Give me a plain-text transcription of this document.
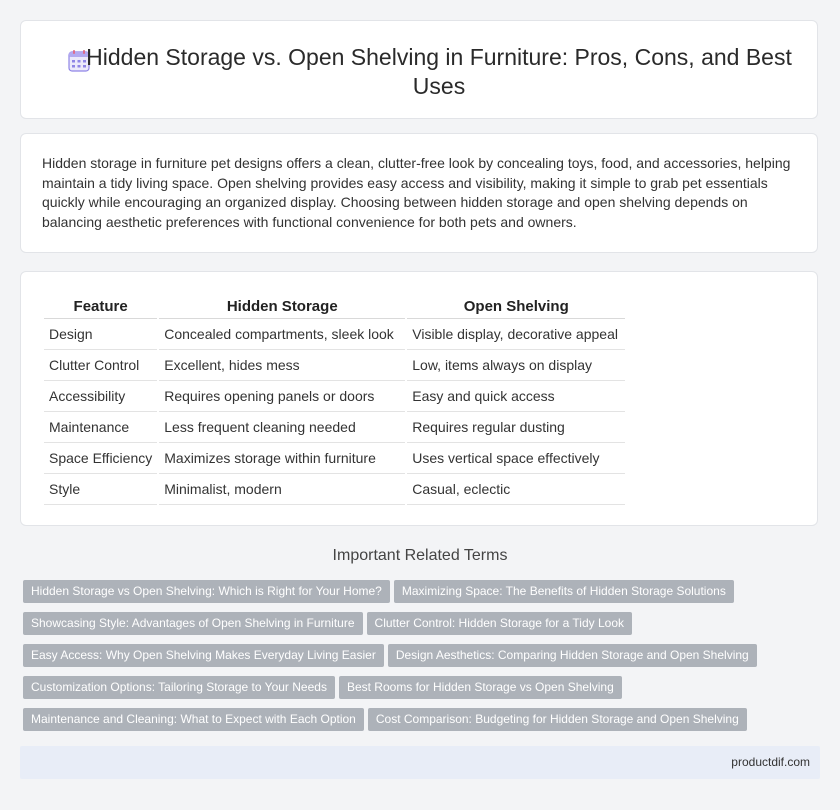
Hidden Storage vs. Open Shelving in Furniture: Pros, Cons, and Best Uses

Hidden storage in furniture pet designs offers a clean, clutter-free look by concealing toys, food, and accessories, helping maintain a tidy living space. Open shelving provides easy access and visibility, making it simple to grab pet essentials quickly while encouraging an organized display. Choosing between hidden storage and open shelving depends on balancing aesthetic preferences with functional convenience for both pets and owners.

Feature	Hidden Storage	Open Shelving
Design	Concealed compartments, sleek look	Visible display, decorative appeal
Clutter Control	Excellent, hides mess	Low, items always on display
Accessibility	Requires opening panels or doors	Easy and quick access
Maintenance	Less frequent cleaning needed	Requires regular dusting
Space Efficiency	Maximizes storage within furniture	Uses vertical space effectively
Style	Minimalist, modern	Casual, eclectic
Important Related Terms
Hidden Storage vs Open Shelving: Which is Right for Your Home? Maximizing Space: The Benefits of Hidden Storage Solutions
Showcasing Style: Advantages of Open Shelving in Furniture Clutter Control: Hidden Storage for a Tidy Look
Easy Access: Why Open Shelving Makes Everyday Living Easier Design Aesthetics: Comparing Hidden Storage and Open Shelving
Customization Options: Tailoring Storage to Your Needs Best Rooms for Hidden Storage vs Open Shelving
Maintenance and Cleaning: What to Expect with Each Option Cost Comparison: Budgeting for Hidden Storage and Open Shelving
productdif.com
